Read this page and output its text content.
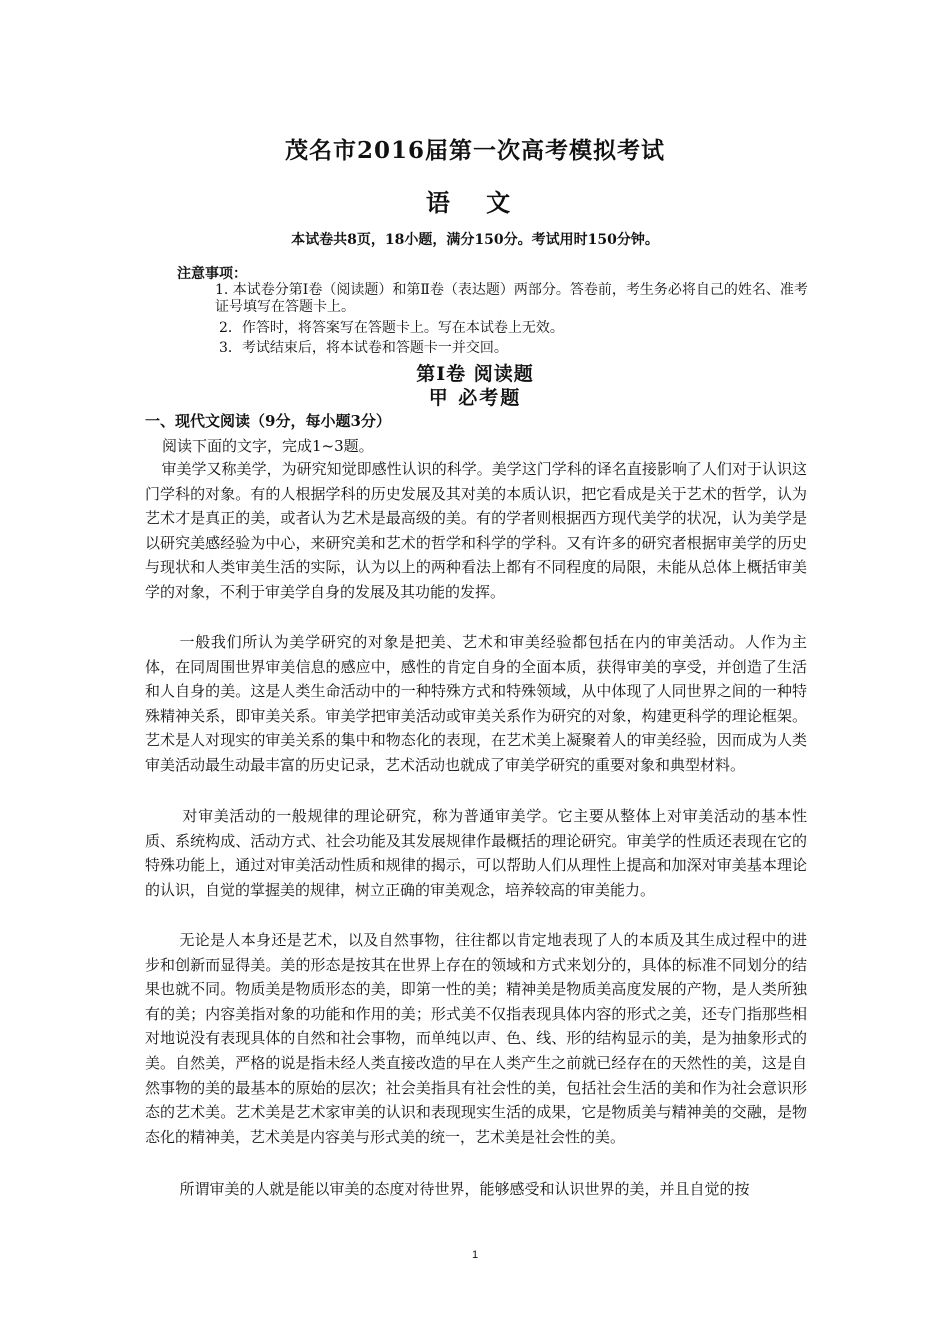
茂名市2016届第一次高考模拟考试
语 文
本试卷共8页，18小题，满分150分。考试用时150分钟。
注意事项：
1. 本试卷分第Ⅰ卷（阅读题）和第Ⅱ卷（表达题）两部分。答卷前，考生务必将自己的姓名、准考证号填写在答题卡上。
2．作答时，将答案写在答题卡上。写在本试卷上无效。
3．考试结束后，将本试卷和答题卡一并交回。
第I卷 阅读题
甲 必考题
一、现代文阅读（9分，每小题3分）
阅读下面的文字，完成1~3题。

审美学又称美学，为研究知觉即感性认识的科学。美学这门学科的译名直接影响了人们对于认识这门学科的对象。有的人根据学科的历史发展及其对美的本质认识，把它看成是关于艺术的哲学，认为艺术才是真正的美，或者认为艺术是最高级的美。有的学者则根据西方现代美学的状况，认为美学是以研究美感经验为中心，来研究美和艺术的哲学和科学的学科。又有许多的研究者根据审美学的历史与现状和人类审美生活的实际，认为以上的两种看法上都有不同程度的局限，未能从总体上概括审美学的对象，不利于审美学自身的发展及其功能的发挥。

一般我们所认为美学研究的对象是把美、艺术和审美经验都包括在内的审美活动。人作为主体，在同周围世界审美信息的感应中，感性的肯定自身的全面本质，获得审美的享受，并创造了生活和人自身的美。这是人类生命活动中的一种特殊方式和特殊领域，从中体现了人同世界之间的一种特殊精神关系，即审美关系。审美学把审美活动或审美关系作为研究的对象，构建更科学的理论框架。艺术是人对现实的审美关系的集中和物态化的表现，在艺术美上凝聚着人的审美经验，因而成为人类审美活动最生动最丰富的历史记录，艺术活动也就成了审美学研究的重要对象和典型材料。

对审美活动的一般规律的理论研究，称为普通审美学。它主要从整体上对审美活动的基本性质、系统构成、活动方式、社会功能及其发展规律作最概括的理论研究。审美学的性质还表现在它的特殊功能上，通过对审美活动性质和规律的揭示，可以帮助人们从理性上提高和加深对审美基本理论的认识，自觉的掌握美的规律，树立正确的审美观念，培养较高的审美能力。

无论是人本身还是艺术，以及自然事物，往往都以肯定地表现了人的本质及其生成过程中的进步和创新而显得美。美的形态是按其在世界上存在的领域和方式来划分的，具体的标准不同划分的结果也就不同。物质美是物质形态的美，即第一性的美；精神美是物质美高度发展的产物，是人类所独有的美；内容美指对象的功能和作用的美；形式美不仅指表现具体内容的形式之美，还专门指那些相对地说没有表现具体的自然和社会事物，而单纯以声、色、线、形的结构显示的美，是为抽象形式的美。自然美，严格的说是指未经人类直接改造的早在人类产生之前就已经存在的天然性的美，这是自然事物的美的最基本的原始的层次；社会美指具有社会性的美，包括社会生活的美和作为社会意识形态的艺术美。艺术美是艺术家审美的认识和表现现实生活的成果，它是物质美与精神美的交融，是物态化的精神美，艺术美是内容美与形式美的统一，艺术美是社会性的美。

所谓审美的人就是能以审美的态度对待世界，能够感受和认识世界的美，并且自觉的按

1
